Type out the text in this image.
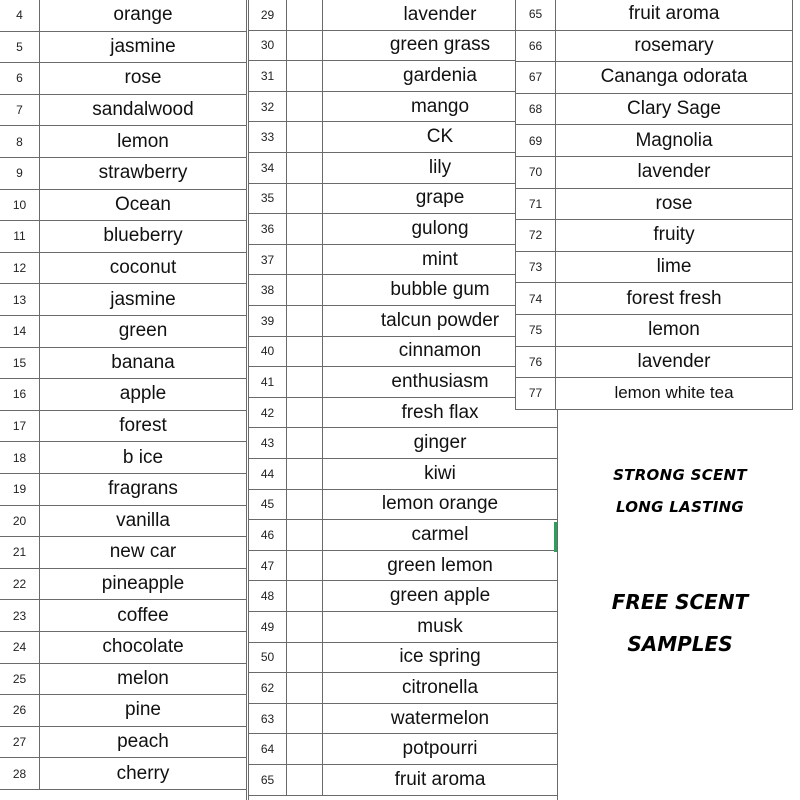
4	orange
5	jasmine
6	rose
7	sandalwood
8	lemon
9	strawberry
10	Ocean
11	blueberry
12	coconut
13	jasmine
14	green
15	banana
16	apple
17	forest
18	b ice
19	fragrans
20	vanilla
21	new car
22	pineapple
23	coffee
24	chocolate
25	melon
26	pine
27	peach
28	cherry
29	lavender
30	green grass
31	gardenia
32	mango
33	CK
34	lily
35	grape
36	gulong
37	mint
38	bubble gum
39	talcun powder
40	cinnamon
41	enthusiasm
42	fresh flax
43	ginger
44	kiwi
45	lemon orange
46	carmel
47	green lemon
48	green apple
49	musk
50	ice spring
62	citronella
63	watermelon
64	potpourri
65	fruit aroma
65	fruit aroma
66	rosemary
67	Cananga odorata
68	Clary Sage
69	Magnolia
70	lavender
71	rose
72	fruity
73	lime
74	forest fresh
75	lemon
76	lavender
77	lemon white tea
STRONG SCENT
LONG LASTING
FREE SCENT
SAMPLES
